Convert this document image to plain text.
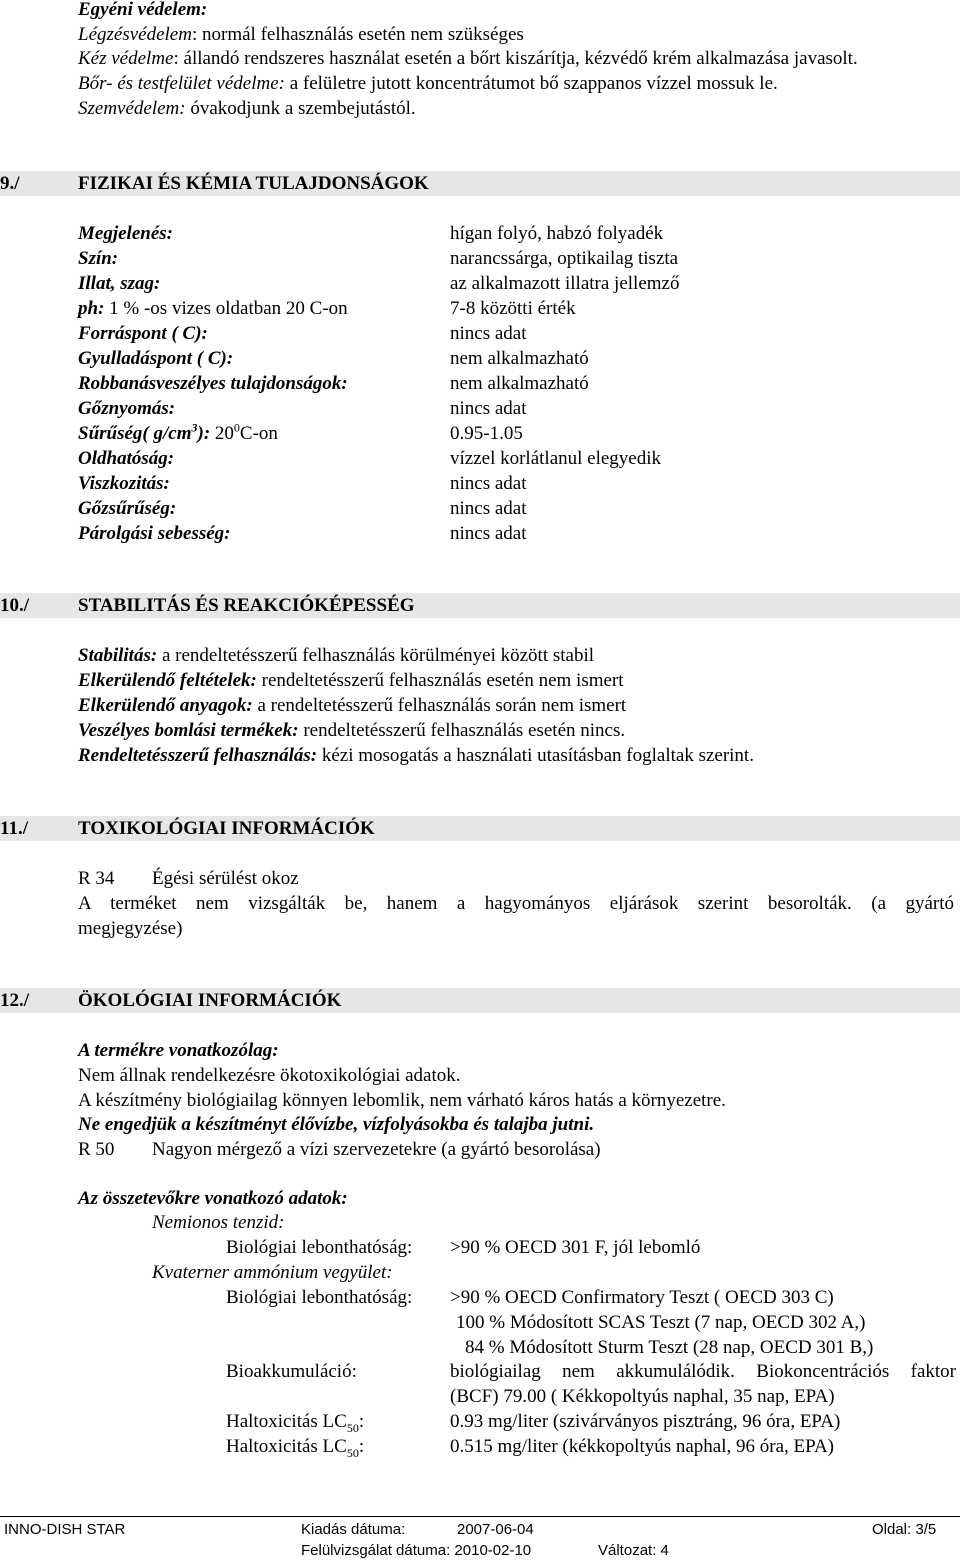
Egyéni védelem:
Légzésvédelem: normál felhasználás esetén nem szükséges
Kéz védelme: állandó rendszeres használat esetén a bőrt kiszárítja, kézvédő krém alkalmazása javasolt.
Bőr- és testfelület védelme: a felületre jutott koncentrátumot bő szappanos vízzel mossuk le.
Szemvédelem: óvakodjunk a szembejutástól.
9./	FIZIKAI ÉS KÉMIA TULAJDONSÁGOK
Megjelenés:	hígan folyó, habzó folyadék
Szín:	narancssárga, optikailag tiszta
Illat, szag:	az alkalmazott illatra jellemző
ph: 1 % -os vizes oldatban 20 C-on	7-8 közötti érték
Forráspont ( C):	nincs adat
Gyulladáspont ( C):	nem alkalmazható
Robbanásveszélyes tulajdonságok:	nem alkalmazható
Gőznyomás:	nincs adat
Sűrűség( $g/cm^3$): $20^0C-on$	0.95-1.05
Oldhatóság:	vízzel korlátlanul elegyedik
Viszkozitás:	nincs adat
Gőzsűrűség:	nincs adat
Párolgási sebesség:	nincs adat
10./	STABILITÁS ÉS REAKCIÓKÉPESSÉG
Stabilitás: a rendeltetésszerű felhasználás körülményei között stabil
Elkerülendő feltételek: rendeltetésszerű felhasználás esetén nem ismert
Elkerülendő anyagok: a rendeltetésszerű felhasználás során nem ismert
Veszélyes bomlási termékek: rendeltetésszerű felhasználás esetén nincs.
Rendeltetésszerű felhasználás: kézi mosogatás a használati utasításban foglaltak szerint.
11./	TOXIKOLÓGIAI INFORMÁCIÓK
R 34 Égési sérülést okoz
A terméket nem vizsgálták be, hanem a hagyományos eljárások szerint besorolták. (a gyártó
megjegyzése)
12./	ÖKOLÓGIAI INFORMÁCIÓK
A termékre vonatkozólag:
Nem állnak rendelkezésre ökotoxikológiai adatok.
A készítmény biológiailag könnyen lebomlik, nem várható káros hatás a környezetre.
Ne engedjük a készítményt élővízbe, vízfolyásokba és talajba jutni.
R 50 Nagyon mérgező a vízi szervezetekre (a gyártó besorolása)
Az összetevőkre vonatkozó adatok:
Nemionos tenzid:
Biológiai lebonthatóság: >90 % OECD 301 F, jól lebomló
Kvaterner ammónium vegyület:
Biológiai lebonthatóság: >90 % OECD Confirmatory Teszt ( OECD 303 C)
100 % Módosított SCAS Teszt (7 nap, OECD 302 A,)
84 % Módosított Sturm Teszt (28 nap, OECD 301 B,)
Bioakkumuláció:	biológiailag nem akkumulálódik. Biokoncentrációs faktor
(BCF) 79.00 ( Kékkopoltyús naphal, 35 nap, EPA)
Haltoxicitás $LC_{50}$:	0.93 mg/liter (szivárványos pisztráng, 96 óra, EPA)
Haltoxicitás $LC_{50}$:	0.515 mg/liter (kékkopoltyús naphal, 96 óra, EPA)
INNO-DISH STAR	Kiadás dátuma:	2007-06-04	Oldal: 3/5
Felülvizsgálat dátuma: 2010-02-10	Változat: 4
